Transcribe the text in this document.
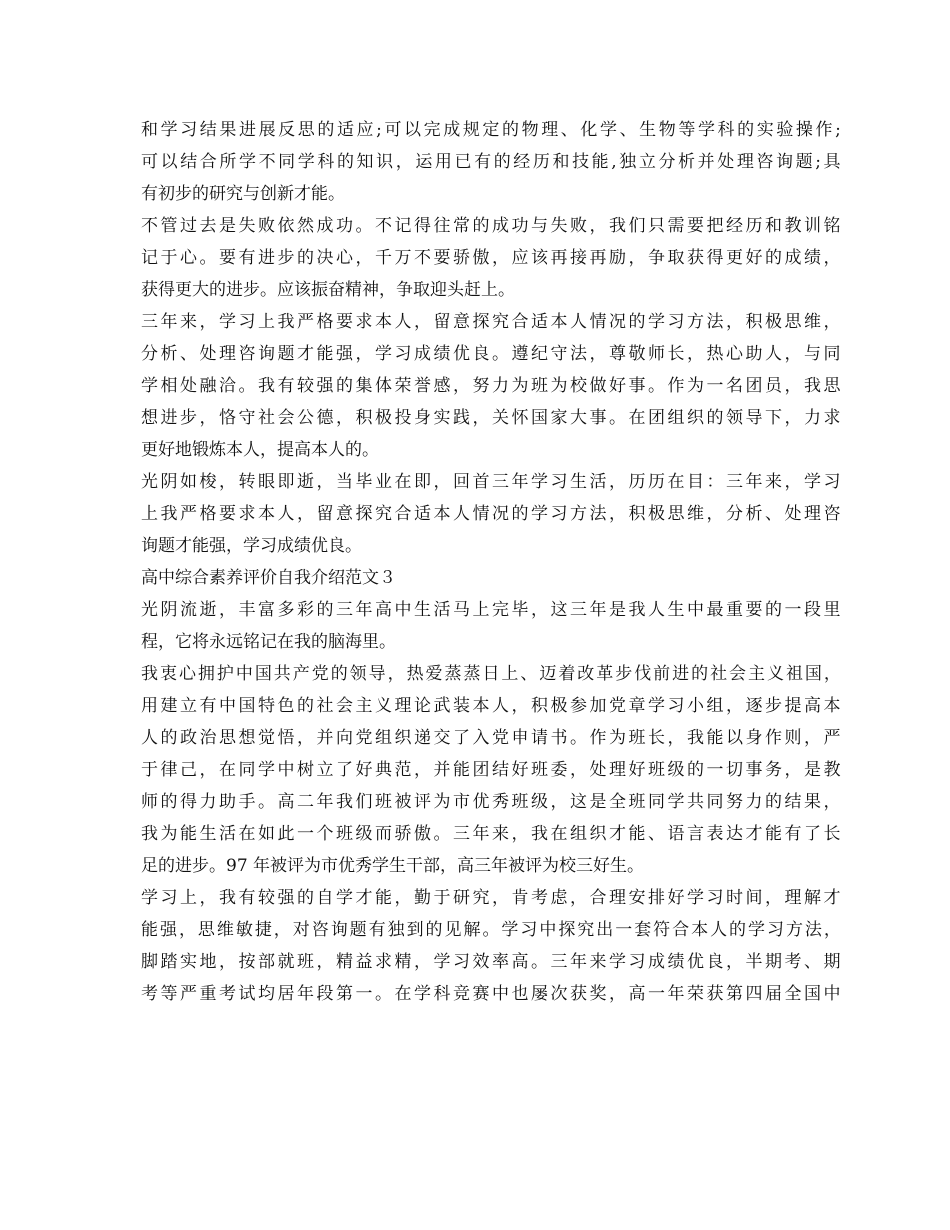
和 学 习 结 果 进 展 反 思 的 适 应 ; 可 以 完 成 规 定 的 物 理 、 化 学 、 生 物 等 学 科 的 实 验 操 作 ;
可 以 结 合 所 学 不 同 学 科 的 知 识 ， 运 用 已 有 的 经 历 和 技 能 , 独 立 分 析 并 处 理 咨 询 题 ; 具
有初步的研究与创新才能。
不 管 过 去 是 失 败 依 然 成 功 。 不 记 得 往 常 的 成 功 与 失 败 ， 我 们 只 需 要 把 经 历 和 教 训 铭
记 于 心 。 要 有 进 步 的 决 心 ， 千 万 不 要 骄 傲 ， 应 该 再 接 再 励 ， 争 取 获 得 更 好 的 成 绩 ，
获得更大的进步。应该振奋精神，争取迎头赶上。
三 年 来 ， 学 习 上 我 严 格 要 求 本 人 ， 留 意 探 究 合 适 本 人 情 况 的 学 习 方 法 ， 积 极 思 维 ，
分 析 、 处 理 咨 询 题 才 能 强 ， 学 习 成 绩 优 良 。 遵 纪 守 法 ， 尊 敬 师 长 ， 热 心 助 人 ， 与 同
学 相 处 融 洽 。 我 有 较 强 的 集 体 荣 誉 感 ， 努 力 为 班 为 校 做 好 事 。 作 为 一 名 团 员 ， 我 思
想 进 步 ， 恪 守 社 会 公 德 ， 积 极 投 身 实 践 ， 关 怀 国 家 大 事 。 在 团 组 织 的 领 导 下 ， 力 求
更好地锻炼本人，提高本人的。
光 阴 如 梭 ， 转 眼 即 逝 ， 当 毕 业 在 即 ， 回 首 三 年 学 习 生 活 ， 历 历 在 目 ： 三 年 来 ， 学 习
上 我 严 格 要 求 本 人 ， 留 意 探 究 合 适 本 人 情 况 的 学 习 方 法 ， 积 极 思 维 ， 分 析 、 处 理 咨
询题才能强，学习成绩优良。
高中综合素养评价自我介绍范文３
光 阴 流 逝 ， 丰 富 多 彩 的 三 年 高 中 生 活 马 上 完 毕 ， 这 三 年 是 我 人 生 中 最 重 要 的 一 段 里
程，它将永远铭记在我的脑海里。
我 衷 心 拥 护 中 国 共 产 党 的 领 导 ， 热 爱 蒸 蒸 日 上 、 迈 着 改 革 步 伐 前 进 的 社 会 主 义 祖 国 ，
用 建 立 有 中 国 特 色 的 社 会 主 义 理 论 武 装 本 人 ， 积 极 参 加 党 章 学 习 小 组 ， 逐 步 提 高 本
人 的 政 治 思 想 觉 悟 ， 并 向 党 组 织 递 交 了 入 党 申 请 书 。 作 为 班 长 ， 我 能 以 身 作 则 ， 严
于 律 己 ， 在 同 学 中 树 立 了 好 典 范 ， 并 能 团 结 好 班 委 ， 处 理 好 班 级 的 一 切 事 务 ， 是 教
师 的 得 力 助 手 。 高 二 年 我 们 班 被 评 为 市 优 秀 班 级 ， 这 是 全 班 同 学 共 同 努 力 的 结 果 ，
我 为 能 生 活 在 如 此 一 个 班 级 而 骄 傲 。 三 年 来 ， 我 在 组 织 才 能 、 语 言 表 达 才 能 有 了 长
足的进步。97 年被评为市优秀学生干部，高三年被评为校三好生。
学 习 上 ， 我 有 较 强 的 自 学 才 能 ， 勤 于 研 究 ， 肯 考 虑 ， 合 理 安 排 好 学 习 时 间 ， 理 解 才
能 强 ， 思 维 敏 捷 ， 对 咨 询 题 有 独 到 的 见 解 。 学 习 中 探 究 出 一 套 符 合 本 人 的 学 习 方 法 ，
脚 踏 实 地 ， 按 部 就 班 ， 精 益 求 精 ， 学 习 效 率 高 。 三 年 来 学 习 成 绩 优 良 ， 半 期 考 、 期
考 等 严 重 考 试 均 居 年 段 第 一 。 在 学 科 竞 赛 中 也 屡 次 获 奖 ， 高 一 年 荣 获 第 四 届 全 国 中
